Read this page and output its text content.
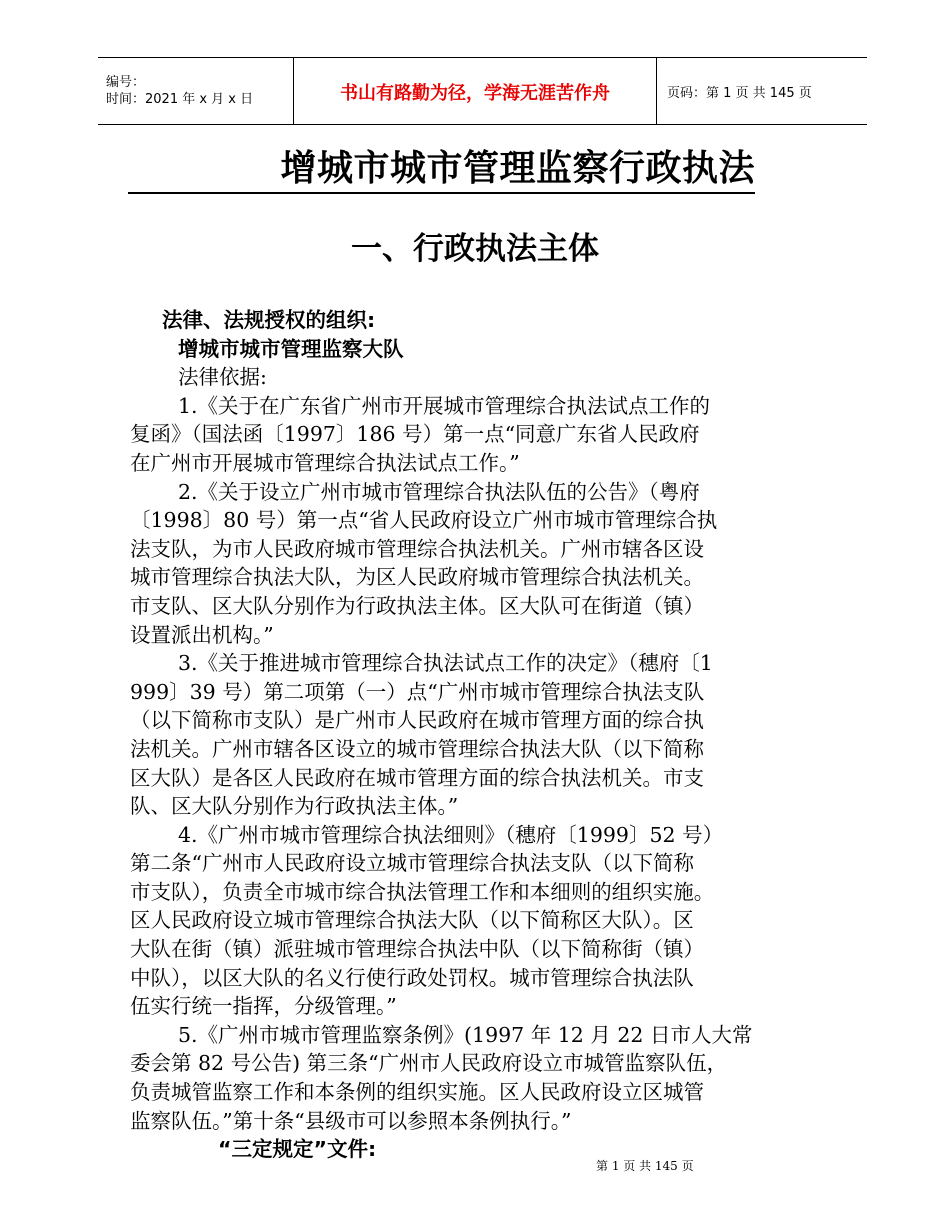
编号：
时间：2021 年 x 月 x 日	书山有路勤为径，学海无涯苦作舟	页码：第 1 页 共 145 页
增城市城市管理监察行政执法
一、行政执法主体
法律、法规授权的组织:
增城市城市管理监察大队
法律依据:
1.《关于在广东省广州市开展城市管理综合执法试点工作的
复函》（国法函〔1997〕186 号）第一点“同意广东省人民政府
在广州市开展城市管理综合执法试点工作。”
2.《关于设立广州市城市管理综合执法队伍的公告》（粤府
〔1998〕80 号）第一点“省人民政府设立广州市城市管理综合执
法支队，为市人民政府城市管理综合执法机关。广州市辖各区设
城市管理综合执法大队，为区人民政府城市管理综合执法机关。
市支队、区大队分别作为行政执法主体。区大队可在街道（镇）
设置派出机构。”
3.《关于推进城市管理综合执法试点工作的决定》（穗府〔1
999〕39 号）第二项第（一）点“广州市城市管理综合执法支队
（以下简称市支队）是广州市人民政府在城市管理方面的综合执
法机关。广州市辖各区设立的城市管理综合执法大队（以下简称
区大队）是各区人民政府在城市管理方面的综合执法机关。市支
队、区大队分别作为行政执法主体。”
4.《广州市城市管理综合执法细则》（穗府〔1999〕52 号）
第二条“广州市人民政府设立城市管理综合执法支队（以下简称
市支队），负责全市城市综合执法管理工作和本细则的组织实施。
区人民政府设立城市管理综合执法大队（以下简称区大队）。区
大队在街（镇）派驻城市管理综合执法中队（以下简称街（镇）
中队），以区大队的名义行使行政处罚权。城市管理综合执法队
伍实行统一指挥，分级管理。”
5.《广州市城市管理监察条例》(1997 年 12 月 22 日市人大常
委会第 82 号公告) 第三条“广州市人民政府设立市城管监察队伍，
负责城管监察工作和本条例的组织实施。区人民政府设立区城管
监察队伍。”第十条“县级市可以参照本条例执行。”
“三定规定”文件:
第 1 页 共 145 页
